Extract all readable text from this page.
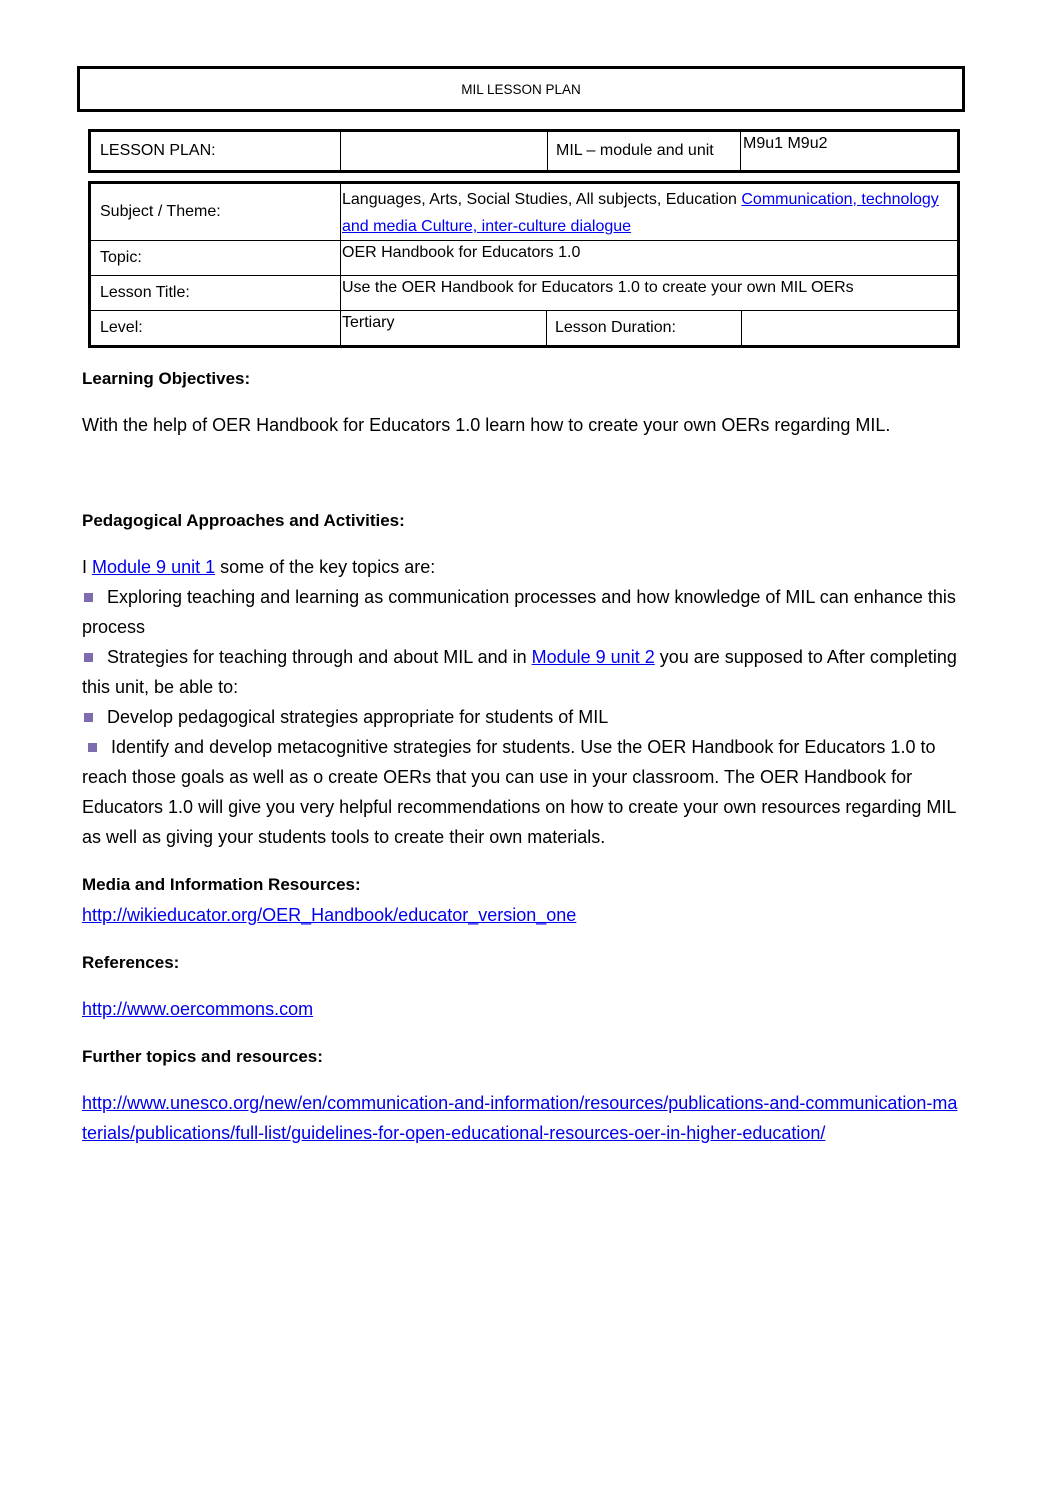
MIL LESSON PLAN
LESSON PLAN:		MIL – module and unit	M9u1 M9u2
Subject / Theme:	Languages, Arts, Social Studies, All subjects, Education Communication, technology and media Culture, inter-culture dialogue		
Topic:	OER Handbook for Educators 1.0		
Lesson Title:	Use the OER Handbook for Educators 1.0 to create your own MIL OERs		
Level:	Tertiary	Lesson Duration:	

Learning Objectives:

With the help of OER Handbook for Educators 1.0 learn how to create your own OERs regarding MIL.

Pedagogical Approaches and Activities:

I Module 9 unit 1 some of the key topics are:

Exploring teaching and learning as communication processes and how knowledge of MIL can enhance this process

Strategies for teaching through and about MIL and in Module 9 unit 2 you are supposed to After completing this unit, be able to:

Develop pedagogical strategies appropriate for students of MIL

Identify and develop metacognitive strategies for students. Use the OER Handbook for Educators 1.0 to reach those goals as well as o create OERs that you can use in your classroom. The OER Handbook for Educators 1.0 will give you very helpful recommendations on how to create your own resources regarding MIL as well as giving your students tools to create their own materials.

Media and Information Resources:

http://wikieducator.org/OER_Handbook/educator_version_one

References:

http://www.oercommons.com

Further topics and resources:

http://www.unesco.org/new/en/communication-and-information/resources/publications-and-communication-materials/publications/full-list/guidelines-for-open-educational-resources-oer-in-higher-education/
